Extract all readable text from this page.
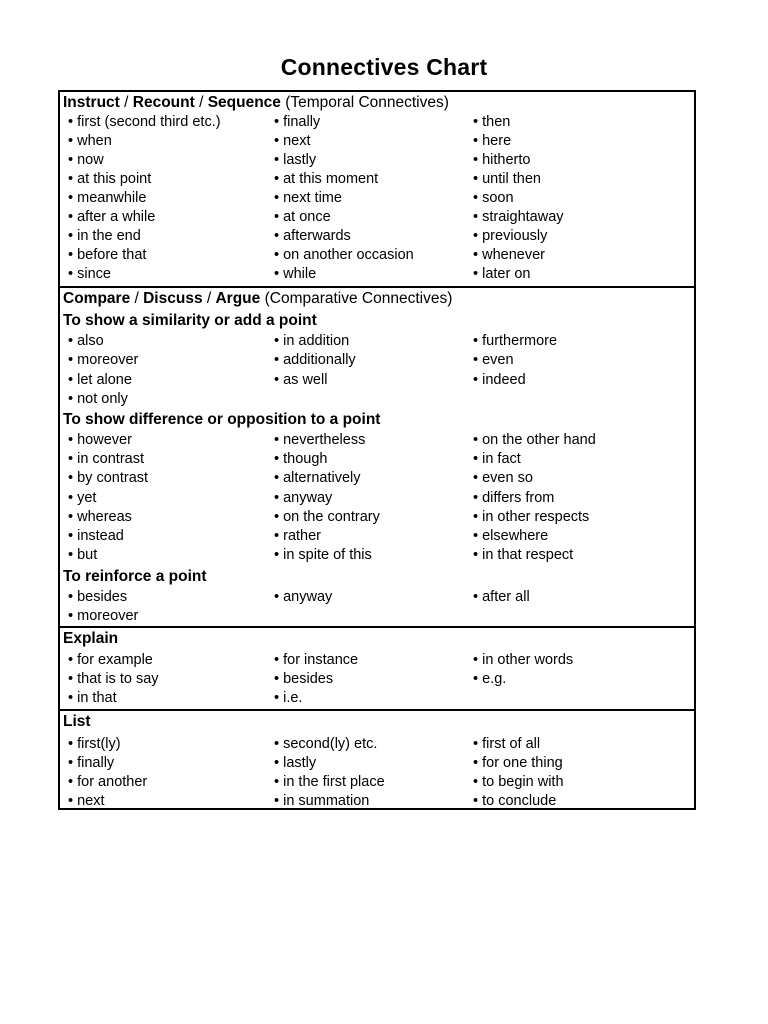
Connectives Chart
Instruct / Recount / Sequence (Temporal Connectives)
• first (second third etc.)
• when
• now
• at this point
• meanwhile
• after a while
• in the end
• before that
• since
• finally
• next
• lastly
• at this moment
• next time
• at once
• afterwards
• on another occasion
• while
• then
• here
• hitherto
• until then
• soon
• straightaway
• previously
• whenever
• later on
Compare / Discuss / Argue (Comparative Connectives)
To show a similarity or add a point
To show difference or opposition to a point
To reinforce a point
• also
• moreover
• let alone
• not only
• in addition
• additionally
• as well
• furthermore
• even
• indeed
• however
• in contrast
• by contrast
• yet
• whereas
• instead
• but
• nevertheless
• though
• alternatively
• anyway
• on the contrary
• rather
• in spite of this
• on the other hand
• in fact
• even so
• differs from
• in other respects
• elsewhere
• in that respect
• besides
• moreover
• anyway
•	after all
Explain
• for example
• that is to say
• in that
• for instance
• besides
• i.e.
• in other words
• e.g.
List
• first(ly)
• finally
• for another
• next
• second(ly) etc.
• lastly
• in the first place
• in summation
• first of all
• for one thing
• to begin with
• to conclude
